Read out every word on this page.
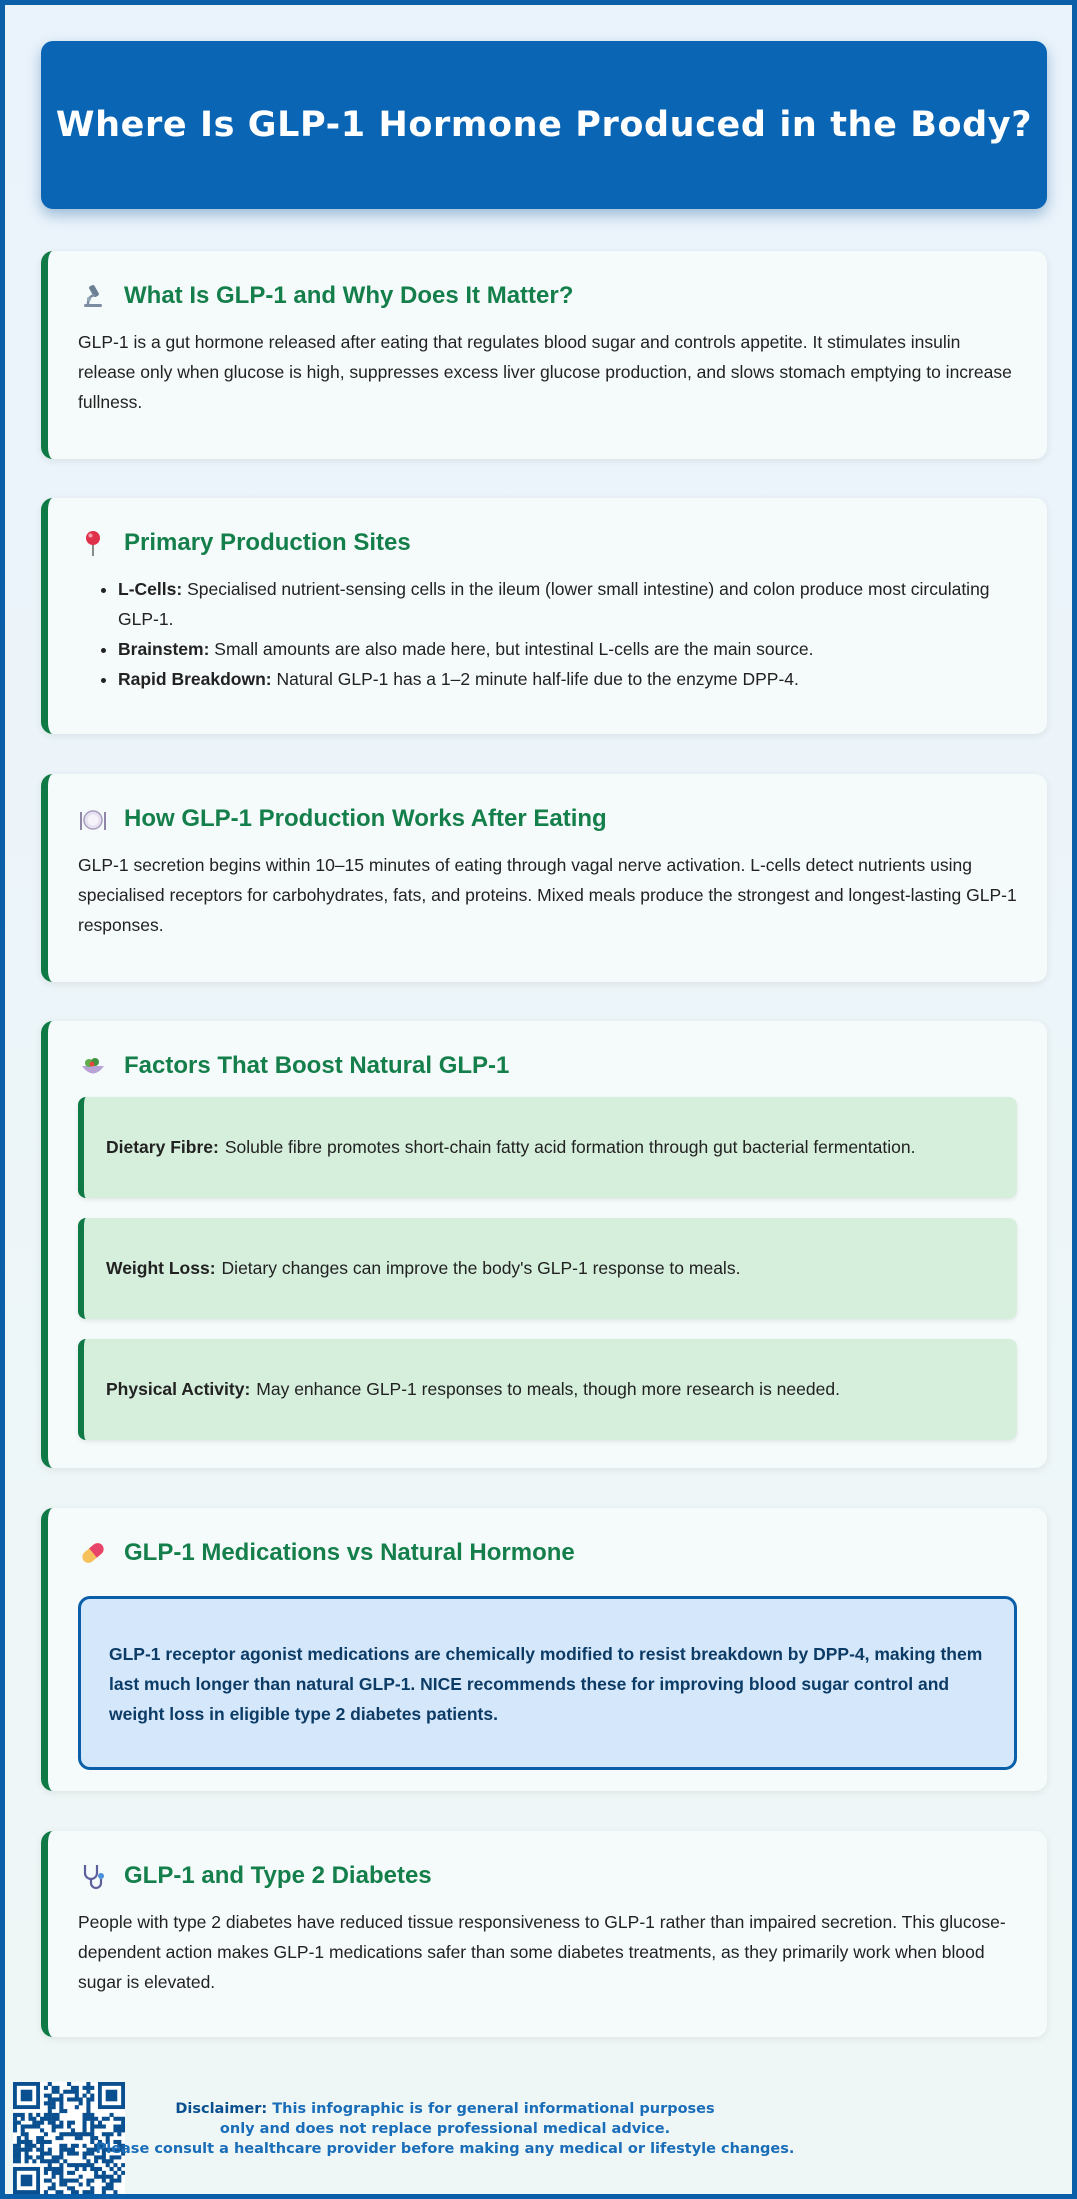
Where Is GLP-1 Hormone Produced in the Body?
What Is GLP-1 and Why Does It Matter?

GLP-1 is a gut hormone released after eating that regulates blood sugar and controls appetite. It stimulates insulin release only when glucose is high, suppresses excess liver glucose production, and slows stomach emptying to increase fullness.

Primary Production Sites
• L-Cells: Specialised nutrient-sensing cells in the ileum (lower small intestine) and colon produce most circulating GLP-1.
• Brainstem: Small amounts are also made here, but intestinal L-cells are the main source.
• Rapid Breakdown: Natural GLP-1 has a 1–2 minute half-life due to the enzyme DPP-4.
How GLP-1 Production Works After Eating

GLP-1 secretion begins within 10–15 minutes of eating through vagal nerve activation. L-cells detect nutrients using specialised receptors for carbohydrates, fats, and proteins. Mixed meals produce the strongest and longest-lasting GLP-1 responses.

Factors That Boost Natural GLP-1
Dietary Fibre: Soluble fibre promotes short-chain fatty acid formation through gut bacterial fermentation.
Weight Loss: Dietary changes can improve the body's GLP-1 response to meals.
Physical Activity: May enhance GLP-1 responses to meals, though more research is needed.
GLP-1 Medications vs Natural Hormone
GLP-1 receptor agonist medications are chemically modified to resist breakdown by DPP-4, making them last much longer than natural GLP-1. NICE recommends these for improving blood sugar control and weight loss in eligible type 2 diabetes patients.
GLP-1 and Type 2 Diabetes

People with type 2 diabetes have reduced tissue responsiveness to GLP-1 rather than impaired secretion. This glucose-dependent action makes GLP-1 medications safer than some diabetes treatments, as they primarily work when blood sugar is elevated.

Disclaimer: This infographic is for general informational purposes
only and does not replace professional medical advice.
Please consult a healthcare provider before making any medical or lifestyle changes.
